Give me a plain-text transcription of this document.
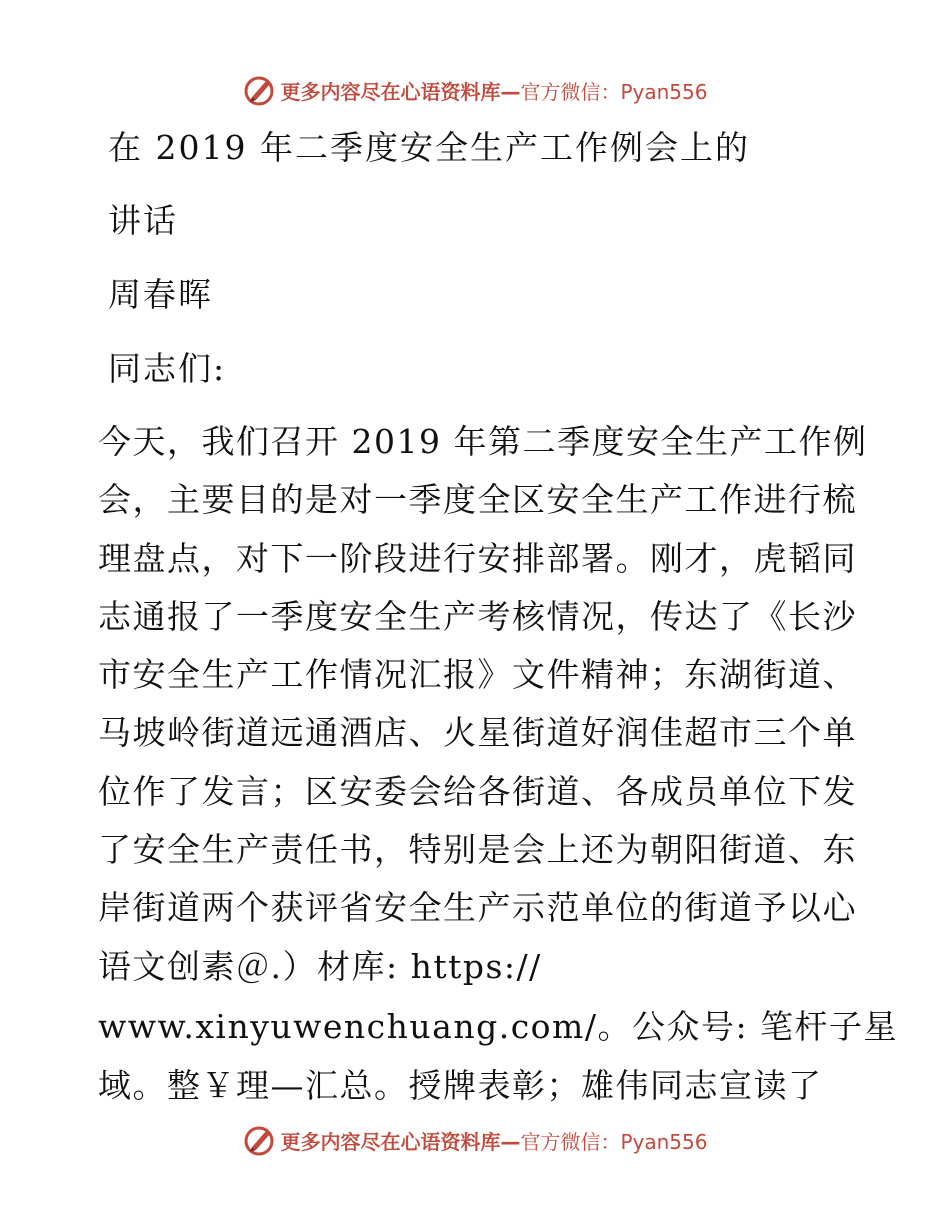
更多内容尽在心语资料库—官方微信：Pyan556
在 2019 年二季度安全生产工作例会上的
讲话
周春晖
同志们:
今天，我们召开 2019 年第二季度安全生产工作例
会，主要目的是对一季度全区安全生产工作进行梳
理盘点，对下一阶段进行安排部署。刚才，虎韬同
志通报了一季度安全生产考核情况，传达了《长沙
市安全生产工作情况汇报》文件精神；东湖街道、
马坡岭街道远通酒店、火星街道好润佳超市三个单
位作了发言；区安委会给各街道、各成员单位下发
了安全生产责任书，特别是会上还为朝阳街道、东
岸街道两个获评省安全生产示范单位的街道予以心
语文创素＠.）材库: https://
www.xinyuwenchuang.com/。公众号: 笔杆子星
域。整￥理—汇总。授牌表彰；雄伟同志宣读了
更多内容尽在心语资料库—官方微信：Pyan556
